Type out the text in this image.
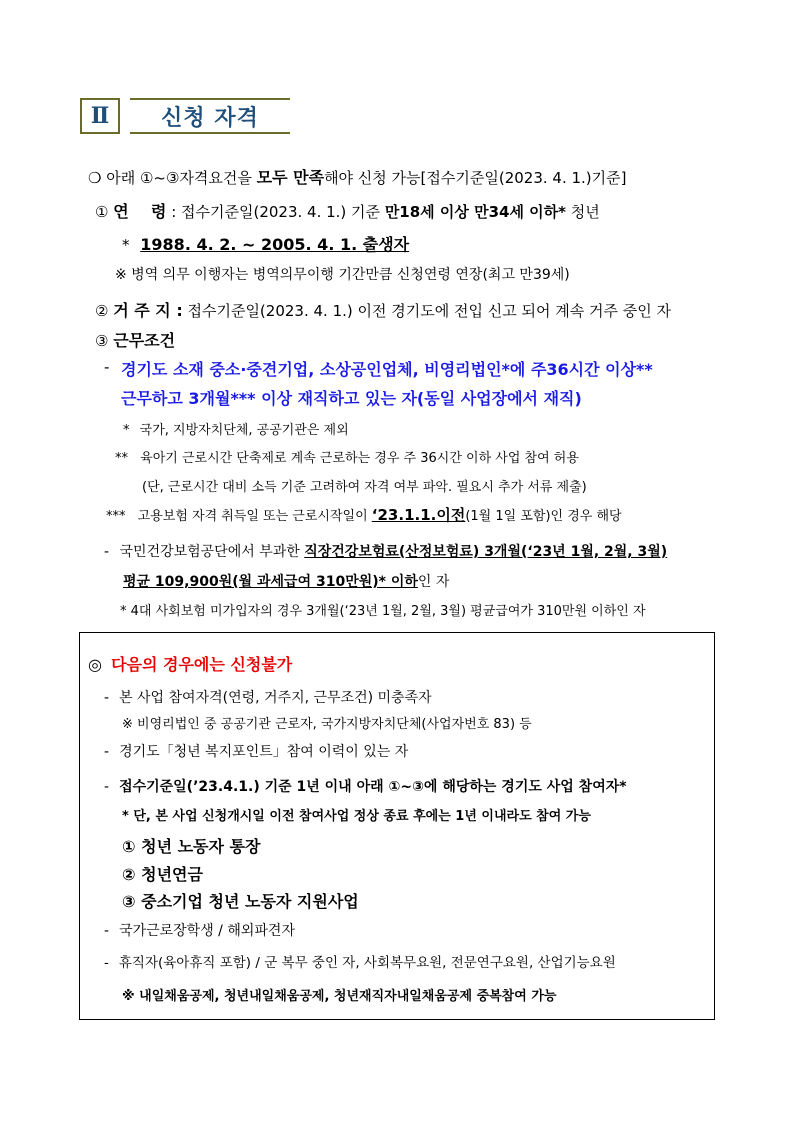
Ⅱ	신청 자격
❍ 아래 ①~③자격요건을 모두 만족해야 신청 가능[접수기준일(2023. 4. 1.)기준]
① 연    령 : 접수기준일(2023. 4. 1.) 기준 만18세 이상 만34세 이하* 청년
* 1988. 4. 2. ~ 2005. 4. 1. 출생자
※ 병역 의무 이행자는 병역의무이행 기간만큼 신청연령 연장(최고 만39세)
② 거 주 지 : 접수기준일(2023. 4. 1.) 이전 경기도에 전입 신고 되어 계속 거주 중인 자
③ 근무조건
- 경기도 소재 중소·중견기업, 소상공인업체, 비영리법인*에 주36시간 이상**
근무하고 3개월*** 이상 재직하고 있는 자(동일 사업장에서 재직)
* 국가, 지방자치단체, 공공기관은 제외
** 육아기 근로시간 단축제로 계속 근로하는 경우 주 36시간 이하 사업 참여 허용
(단, 근로시간 대비 소득 기준 고려하여 자격 여부 파악. 필요시 추가 서류 제출)
*** 고용보험 자격 취득일 또는 근로시작일이 ‘23.1.1.이전(1월 1일 포함)인 경우 해당
- 국민건강보험공단에서 부과한 직장건강보험료(산정보험료) 3개월(‘23년 1월, 2월, 3월)
평균 109,900원(월 과세급여 310만원)* 이하인 자
* 4대 사회보험 미가입자의 경우 3개월(‘23년 1월, 2월, 3월) 평균급여가 310만원 이하인 자
◎ 다음의 경우에는 신청불가
- 본 사업 참여자격(연령, 거주지, 근무조건) 미충족자
※ 비영리법인 중 공공기관 근로자, 국가지방자치단체(사업자번호 83) 등
- 경기도「청년 복지포인트」참여 이력이 있는 자
- 접수기준일(’23.4.1.) 기준 1년 이내 아래 ①~③에 해당하는 경기도 사업 참여자*
* 단, 본 사업 신청개시일 이전 참여사업 정상 종료 후에는 1년 이내라도 참여 가능
① 청년 노동자 통장
② 청년연금
③ 중소기업 청년 노동자 지원사업
- 국가근로장학생 / 해외파견자
- 휴직자(육아휴직 포함) / 군 복무 중인 자, 사회복무요원, 전문연구요원, 산업기능요원
※ 내일채움공제, 청년내일채움공제, 청년재직자내일채움공제 중복참여 가능
